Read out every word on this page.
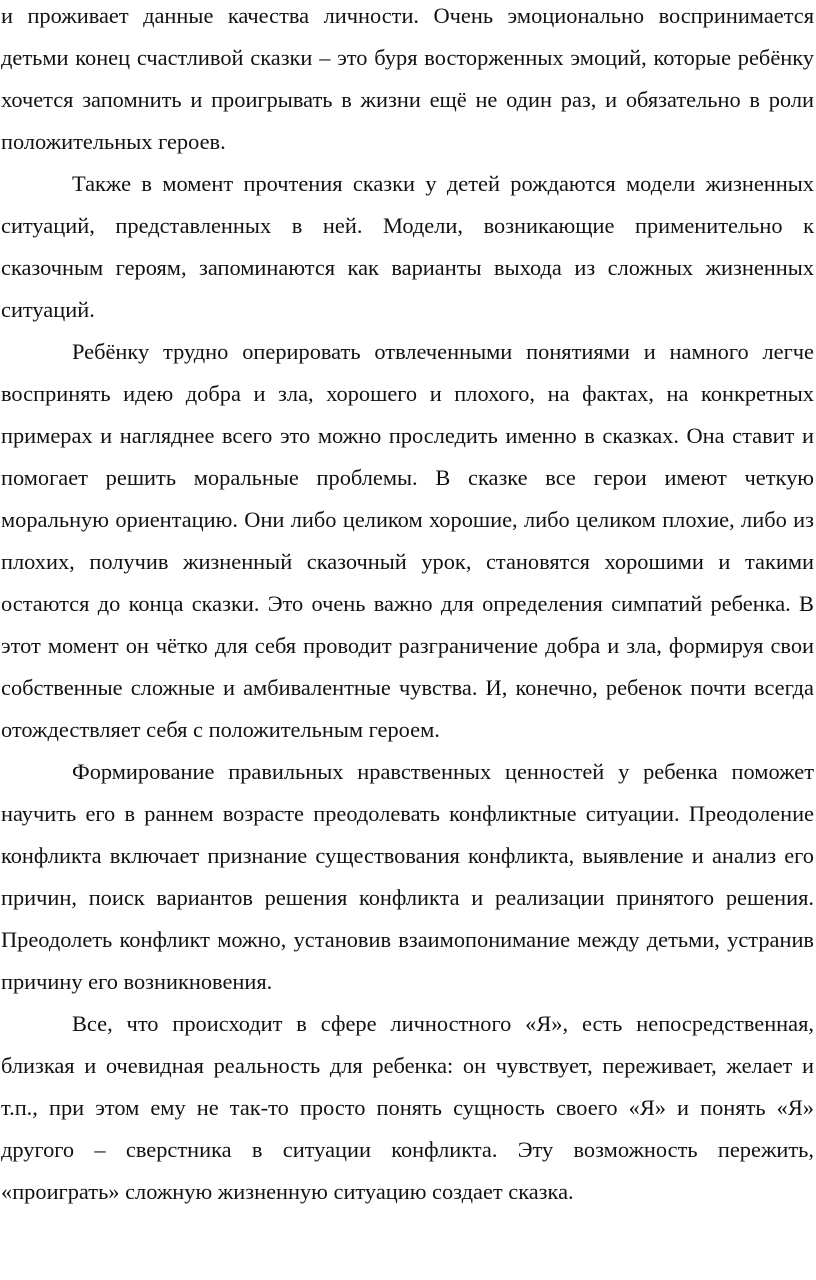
и проживает данные качества личности. Очень эмоционально воспринимается детьми конец счастливой сказки – это буря восторженных эмоций, которые ребёнку хочется запомнить и проигрывать в жизни ещё не один раз, и обязательно в роли положительных героев.

Также в момент прочтения сказки у детей рождаются модели жизненных ситуаций, представленных в ней. Модели, возникающие применительно к сказочным героям, запоминаются как варианты выхода из сложных жизненных ситуаций.

Ребёнку трудно оперировать отвлеченными понятиями и намного легче воспринять идею добра и зла, хорошего и плохого, на фактах, на конкретных примерах и нагляднее всего это можно проследить именно в сказках. Она ставит и помогает решить моральные проблемы. В сказке все герои имеют четкую моральную ориентацию. Они либо целиком хорошие, либо целиком плохие, либо из плохих, получив жизненный сказочный урок, становятся хорошими и такими остаются до конца сказки. Это очень важно для определения симпатий ребенка. В этот момент он чётко для себя проводит разграничение добра и зла, формируя свои собственные сложные и амбивалентные чувства. И, конечно, ребенок почти всегда отождествляет себя с положительным героем.

Формирование правильных нравственных ценностей у ребенка поможет научить его в раннем возрасте преодолевать конфликтные ситуации. Преодоление конфликта включает признание существования конфликта, выявление и анализ его причин, поиск вариантов решения конфликта и реализации принятого решения. Преодолеть конфликт можно, установив взаимопонимание между детьми, устранив причину его возникновения.

Все, что происходит в сфере личностного «Я», есть непосредственная, близкая и очевидная реальность для ребенка: он чувствует, переживает, желает и т.п., при этом ему не так-то просто понять сущность своего «Я» и понять «Я» другого – сверстника в ситуации конфликта. Эту возможность пережить, «проиграть» сложную жизненную ситуацию создает сказка.
